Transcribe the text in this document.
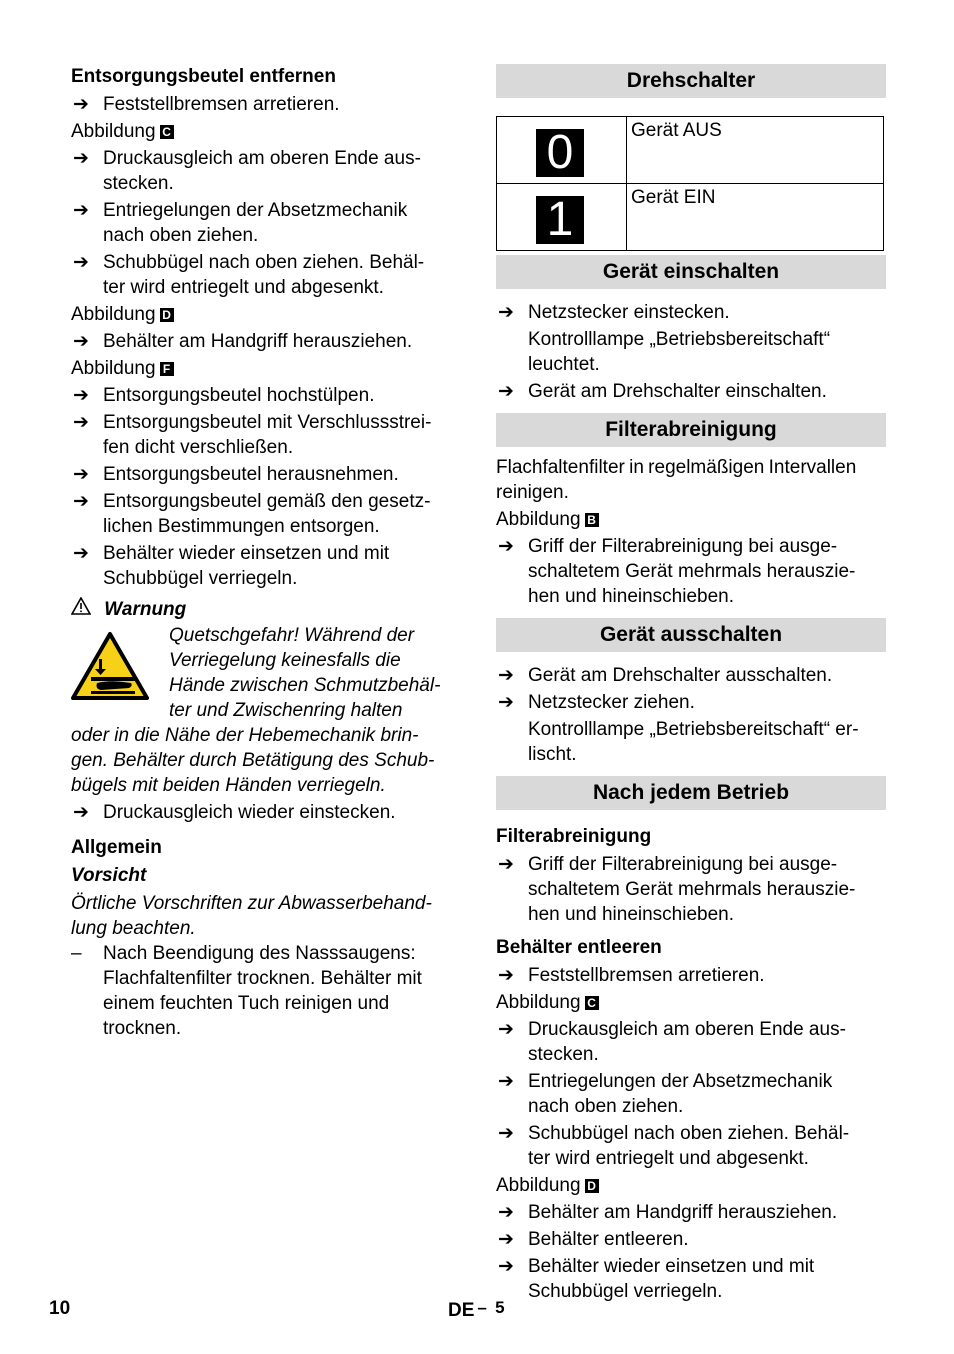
Entsorgungsbeutel entfernen
➔ Feststellbremsen arretieren.
Abbildung C
➔ Druckausgleich am oberen Ende aus-
stecken.
➔ Entriegelungen der Absetzmechanik
nach oben ziehen.
➔ Schubbügel nach oben ziehen. Behäl-
ter wird entriegelt und abgesenkt.
Abbildung D
➔ Behälter am Handgriff herausziehen.
Abbildung F
➔ Entsorgungsbeutel hochstülpen.
➔ Entsorgungsbeutel mit Verschlussstrei-
fen dicht verschließen.
➔ Entsorgungsbeutel herausnehmen.
➔ Entsorgungsbeutel gemäß den gesetz-
lichen Bestimmungen entsorgen.
➔ Behälter wieder einsetzen und mit
Schubbügel verriegeln.
Warnung
Quetschgefahr! Während der
Verriegelung keinesfalls die
Hände zwischen Schmutzbehäl-
ter und Zwischenring halten
oder in die Nähe der Hebemechanik brin-
gen. Behälter durch Betätigung des Schub-
bügels mit beiden Händen verriegeln.
➔ Druckausgleich wieder einstecken.
Allgemein
Vorsicht
Örtliche Vorschriften zur Abwasserbehand-
lung beachten.
– Nach Beendigung des Nasssaugens:
Flachfaltenfilter trocknen. Behälter mit
einem feuchten Tuch reinigen und
trocknen.
Drehschalter
0	Gerät AUS

1	Gerät EIN
Gerät einschalten
➔ Netzstecker einstecken.
Kontrolllampe „Betriebsbereitschaft“
leuchtet.
➔ Gerät am Drehschalter einschalten.
Filterabreinigung
Flachfaltenfilter in regelmäßigen Intervallen
reinigen.
Abbildung B
➔ Griff der Filterabreinigung bei ausge-
schaltetem Gerät mehrmals herauszie-
hen und hineinschieben.
Gerät ausschalten
➔ Gerät am Drehschalter ausschalten.
➔ Netzstecker ziehen.
Kontrolllampe „Betriebsbereitschaft“ er-
lischt.
Nach jedem Betrieb
Filterabreinigung
➔ Griff der Filterabreinigung bei ausge-
schaltetem Gerät mehrmals herauszie-
hen und hineinschieben.
Behälter entleeren
➔ Feststellbremsen arretieren.
Abbildung C
➔ Druckausgleich am oberen Ende aus-
stecken.
➔ Entriegelungen der Absetzmechanik
nach oben ziehen.
➔ Schubbügel nach oben ziehen. Behäl-
ter wird entriegelt und abgesenkt.
Abbildung D
➔ Behälter am Handgriff herausziehen.
➔ Behälter entleeren.
➔ Behälter wieder einsetzen und mit
Schubbügel verriegeln.
10	DE – 5
